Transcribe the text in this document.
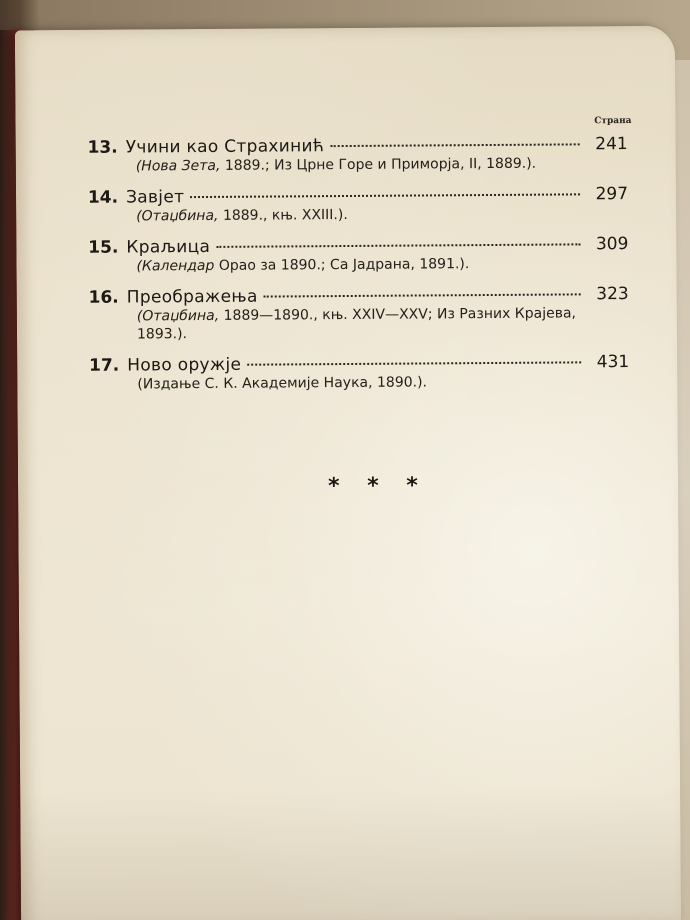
Страна
13. Учини као Страхинић	241
(Нова Зета, 1889.; Из Црне Горе и Приморја, II, 1889.).
14. Завјет	297
(Отаџбина, 1889., књ. XXIII.).
15. Краљица	309
(Календар Орао за 1890.; Са Јадрана, 1891.).
16. Преображења	323
(Отаџбина, 1889—1890., књ. XXIV—XXV; Из Разних Крајева, 1893.).
17. Ново оружје	431
(Издање С. К. Академије Наука, 1890.).
* * *
